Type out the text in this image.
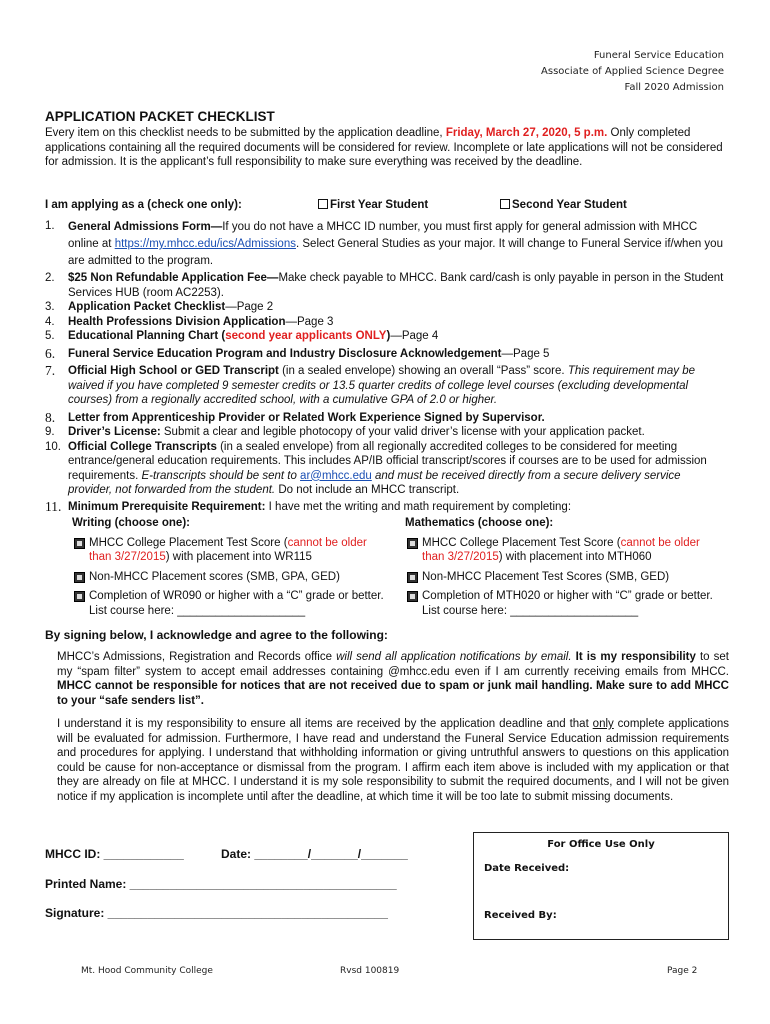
Funeral Service Education
Associate of Applied Science Degree
Fall 2020 Admission
APPLICATION PACKET CHECKLIST
Every item on this checklist needs to be submitted by the application deadline, Friday, March 27, 2020, 5 p.m. Only completed applications containing all the required documents will be considered for review. Incomplete or late applications will not be considered for admission. It is the applicant’s full responsibility to make sure everything was received by the deadline.
I am applying as a (check one only):	First Year Student	Second Year Student
1. General Admissions Form—If you do not have a MHCC ID number, you must first apply for general admission with MHCC online at https://my.mhcc.edu/ics/Admissions. Select General Studies as your major. It will change to Funeral Service if/when you are admitted to the program.
2. $25 Non Refundable Application Fee—Make check payable to MHCC. Bank card/cash is only payable in person in the Student Services HUB (room AC2253).
3. Application Packet Checklist—Page 2
4. Health Professions Division Application—Page 3
5. Educational Planning Chart (second year applicants ONLY)—Page 4
6. Funeral Service Education Program and Industry Disclosure Acknowledgement—Page 5
7. Official High School or GED Transcript (in a sealed envelope) showing an overall “Pass” score. This requirement may be waived if you have completed 9 semester credits or 13.5 quarter credits of college level courses (excluding developmental courses) from a regionally accredited school, with a cumulative GPA of 2.0 or higher.
8. Letter from Apprenticeship Provider or Related Work Experience Signed by Supervisor.
9. Driver’s License: Submit a clear and legible photocopy of your valid driver’s license with your application packet.
10. Official College Transcripts (in a sealed envelope) from all regionally accredited colleges to be considered for meeting entrance/general education requirements. This includes AP/IB official transcript/scores if courses are to be used for admission requirements. E-transcripts should be sent to ar@mhcc.edu and must be received directly from a secure delivery service provider, not forwarded from the student. Do not include an MHCC transcript.
11. Minimum Prerequisite Requirement: I have met the writing and math requirement by completing:
Writing (choose one):
MHCC College Placement Test Score (cannot be older than 3/27/2015) with placement into WR115
Non-MHCC Placement scores (SMB, GPA, GED)
Completion of WR090 or higher with a “C” grade or better. List course here: ____________________
Mathematics (choose one):
MHCC College Placement Test Score (cannot be older than 3/27/2015) with placement into MTH060
Non-MHCC Placement Test Scores (SMB, GED)
Completion of MTH020 or higher with “C” grade or better. List course here: ____________________
By signing below, I acknowledge and agree to the following:
MHCC’s Admissions, Registration and Records office will send all application notifications by email. It is my responsibility to set my “spam filter” system to accept email addresses containing @mhcc.edu even if I am currently receiving emails from MHCC. MHCC cannot be responsible for notices that are not received due to spam or junk mail handling. Make sure to add MHCC to your “safe senders list”.
I understand it is my responsibility to ensure all items are received by the application deadline and that only complete applications will be evaluated for admission. Furthermore, I have read and understand the Funeral Service Education admission requirements and procedures for applying. I understand that withholding information or giving untruthful answers to questions on this application could be cause for non-acceptance or dismissal from the program. I affirm each item above is included with my application or that they are already on file at MHCC. I understand it is my sole responsibility to submit the required documents, and I will not be given notice if my application is incomplete until after the deadline, at which time it will be too late to submit missing documents.
For Office Use Only
Date Received:
Received By:
MHCC ID: ____________	Date: ________/_______/_______
Printed Name: ________________________________________
Signature: __________________________________________
Mt. Hood Community College	Rvsd 100819	Page 2
